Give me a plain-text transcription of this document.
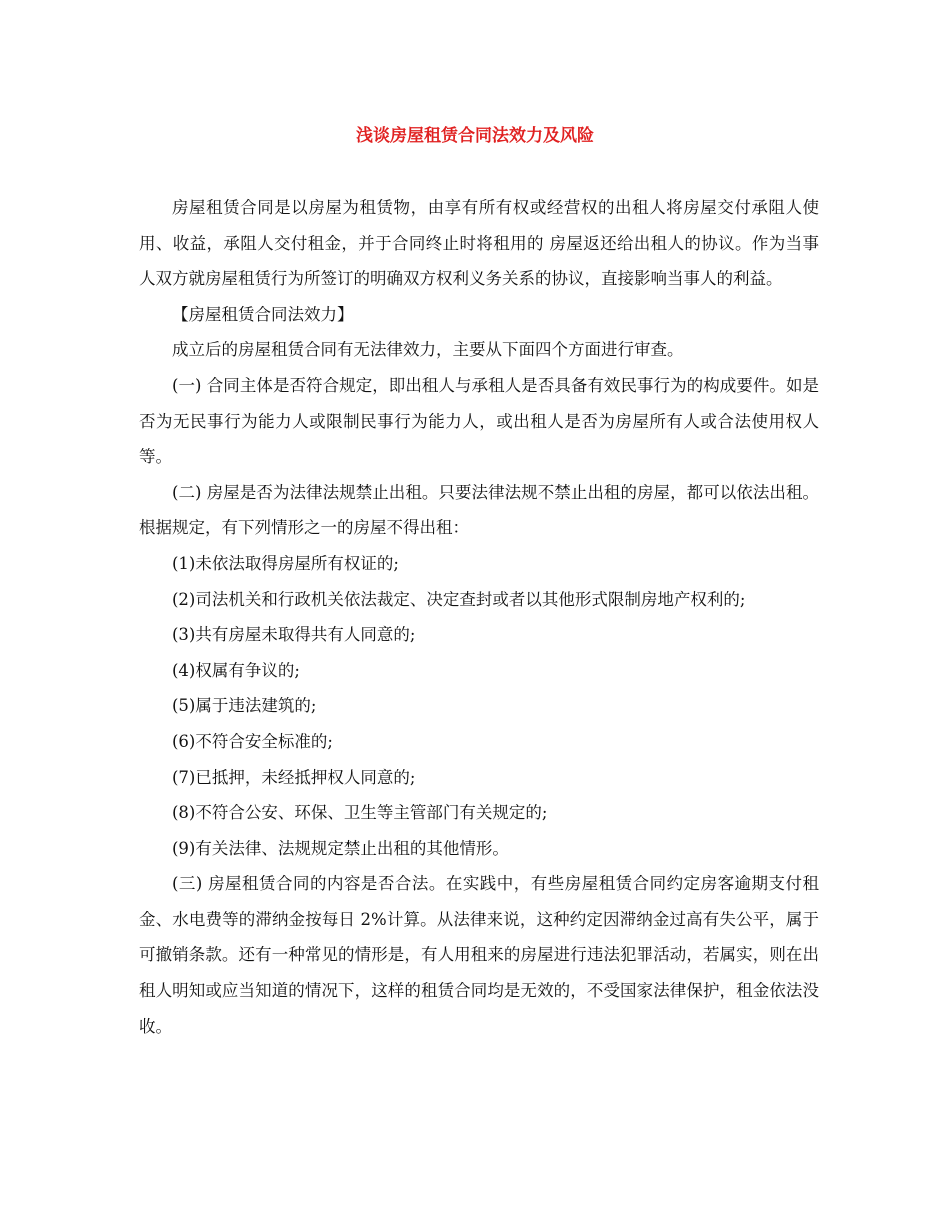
浅谈房屋租赁合同法效力及风险

房屋租赁合同是以房屋为租赁物，由享有所有权或经营权的出租人将房屋交付承阻人使用、收益，承阻人交付租金，并于合同终止时将租用的 房屋返还给出租人的协议。作为当事人双方就房屋租赁行为所签订的明确双方权利义务关系的协议，直接影响当事人的利益。

【房屋租赁合同法效力】

成立后的房屋租赁合同有无法律效力，主要从下面四个方面进行审查。

(一) 合同主体是否符合规定，即出租人与承租人是否具备有效民事行为的构成要件。如是否为无民事行为能力人或限制民事行为能力人，或出租人是否为房屋所有人或合法使用权人等。

(二) 房屋是否为法律法规禁止出租。只要法律法规不禁止出租的房屋，都可以依法出租。根据规定，有下列情形之一的房屋不得出租：

(1)未依法取得房屋所有权证的;

(2)司法机关和行政机关依法裁定、决定查封或者以其他形式限制房地产权利的;

(3)共有房屋未取得共有人同意的;

(4)权属有争议的;

(5)属于违法建筑的;

(6)不符合安全标准的;

(7)已抵押，未经抵押权人同意的;

(8)不符合公安、环保、卫生等主管部门有关规定的;

(9)有关法律、法规规定禁止出租的其他情形。

(三) 房屋租赁合同的内容是否合法。在实践中，有些房屋租赁合同约定房客逾期支付租金、水电费等的滞纳金按每日 2%计算。从法律来说，这种约定因滞纳金过高有失公平，属于可撤销条款。还有一种常见的情形是，有人用租来的房屋进行违法犯罪活动，若属实，则在出租人明知或应当知道的情况下，这样的租赁合同均是无效的，不受国家法律保护，租金依法没收。
